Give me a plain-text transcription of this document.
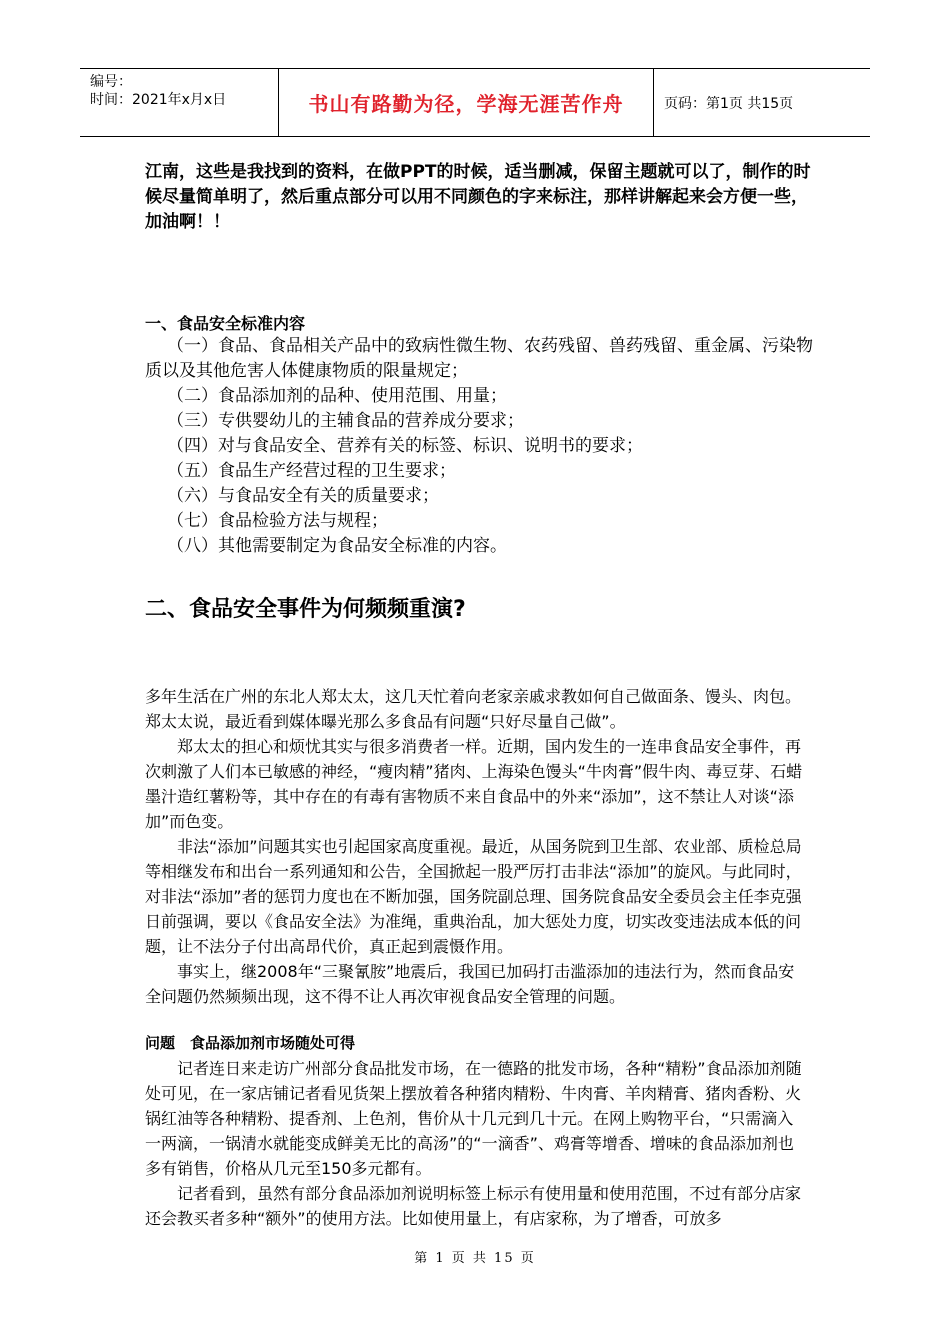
编号：
时间：2021年x月x日	书山有路勤为径，学海无涯苦作舟	页码：第1页 共15页
江南，这些是我找到的资料，在做PPT的时候，适当删减，保留主题就可以了，制作的时候尽量简单明了，然后重点部分可以用不同颜色的字来标注，那样讲解起来会方便一些，加油啊！！
一、食品安全标准内容

（一）食品、食品相关产品中的致病性微生物、农药残留、兽药残留、重金属、污染物质以及其他危害人体健康物质的限量规定；

（二）食品添加剂的品种、使用范围、用量；

（三）专供婴幼儿的主辅食品的营养成分要求；

（四）对与食品安全、营养有关的标签、标识、说明书的要求；

（五）食品生产经营过程的卫生要求；

（六）与食品安全有关的质量要求；

（七）食品检验方法与规程；

（八）其他需要制定为食品安全标准的内容。

二、食品安全事件为何频频重演?

多年生活在广州的东北人郑太太，这几天忙着向老家亲戚求教如何自己做面条、馒头、肉包。郑太太说，最近看到媒体曝光那么多食品有问题“只好尽量自己做”。

郑太太的担心和烦忧其实与很多消费者一样。近期，国内发生的一连串食品安全事件，再次刺激了人们本已敏感的神经，“瘦肉精”猪肉、上海染色馒头“牛肉膏”假牛肉、毒豆芽、石蜡墨汁造红薯粉等，其中存在的有毒有害物质不来自食品中的外来“添加”，这不禁让人对谈“添加”而色变。

非法“添加”问题其实也引起国家高度重视。最近，从国务院到卫生部、农业部、质检总局等相继发布和出台一系列通知和公告，全国掀起一股严厉打击非法“添加”的旋风。与此同时，对非法“添加”者的惩罚力度也在不断加强，国务院副总理、国务院食品安全委员会主任李克强日前强调，要以《食品安全法》为准绳，重典治乱，加大惩处力度，切实改变违法成本低的问题，让不法分子付出高昂代价，真正起到震慑作用。

事实上，继2008年“三聚氰胺”地震后，我国已加码打击滥添加的违法行为，然而食品安全问题仍然频频出现，这不得不让人再次审视食品安全管理的问题。

问题　食品添加剂市场随处可得

记者连日来走访广州部分食品批发市场，在一德路的批发市场，各种“精粉”食品添加剂随处可见，在一家店铺记者看见货架上摆放着各种猪肉精粉、牛肉膏、羊肉精膏、猪肉香粉、火锅红油等各种精粉、提香剂、上色剂，售价从十几元到几十元。在网上购物平台，“只需滴入一两滴，一锅清水就能变成鲜美无比的高汤”的“一滴香”、鸡膏等增香、增味的食品添加剂也多有销售，价格从几元至150多元都有。

记者看到，虽然有部分食品添加剂说明标签上标示有使用量和使用范围，不过有部分店家还会教买者多种“额外”的使用方法。比如使用量上，有店家称，为了增香，可放多

第 1 页 共 15 页
